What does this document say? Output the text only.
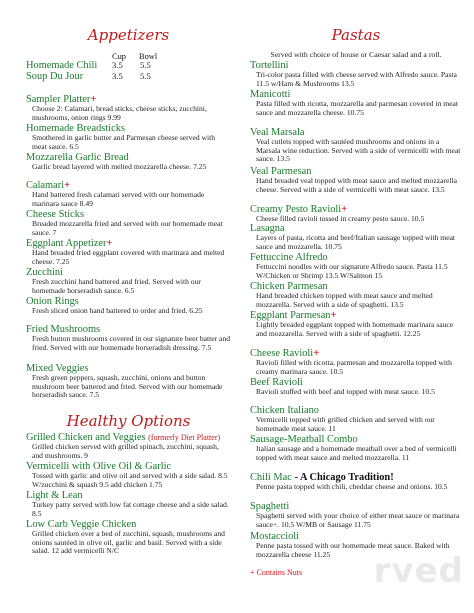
Appetizers
Cup Bowl
Homemade Chili 3.5 5.5
Soup Du Jour	3.5 5.5
Sampler Platter+
Choose 2: Calamari, bread sticks, cheese sticks, zucchini, mushrooms, onion rings 9.99
Homemade Breadsticks
Smothered in garlic butter and Parmesan cheese served with meat sauce. 6.5
Mozzarella Garlic Bread
Garlic bread layered with melted mozzarella cheese. 7.25
Calamari+
Hand battered fresh calamari served with our homemade marinara sauce 8.49
Cheese Sticks
Breaded mozzarella fried and served with our homemade meat sauce. 7
Eggplant Appetizer+
Hand breaded fried eggplant covered with marinara and melted cheese. 7.25
Zucchini
Fresh zucchini hand battered and fried. Served with our homemade horseradish sauce. 6.5
Onion Rings
Fresh sliced onion hand battered to order and fried. 6.25
Fried Mushrooms
Fresh button mushrooms covered in our signature beer batter and fried. Served with our homemade horseradish dressing. 7.5
Mixed Veggies
Fresh green peppers, squash, zucchini, onions and button mushroom beer battered and fried. Served with our homemade horseradish sauce. 7.5
Healthy Options
Grilled Chicken and Veggies (formerly Diet Platter)
Grilled chicken served with grilled spinach, zucchini, squash, and mushrooms. 9
Vermicelli with Olive Oil & Garlic
Tossed with garlic and olive oil and served with a side salad. 8.5 W/zucchini & squash 9.5 add chicken 1.75
Light & Lean
Turkey patty served with low fat cottage cheese and a side salad. 8.5
Low Carb Veggie Chicken
Grilled chicken over a bed of zucchini, squash, mushrooms and onions sautéed in olive oil, garlic and basil. Served with a side salad. 12 add vermicelli N/C
Pastas
Served with choice of house or Caesar salad and a roll.
Tortellini
Tri-color pasta filled with cheese served with Alfredo sauce. Pasta 11.5 w/Ham & Mushrooms 13.5
Manicotti
Pasta filled with ricotta, mozzarella and parmesan covered in meat sauce and mozzarella cheese. 10.75
Veal Marsala
Veal cutlets topped with sautéed mushrooms and onions in a Marsala wine reduction. Served with a side of vermicelli with meat sauce. 13.5
Veal Parmesan
Hand breaded veal topped with meat sauce and melted mozzarella cheese. Served with a side of vermicelli with meat sauce. 13.5
Creamy Pesto Ravioli+
Cheese filled ravioli tossed in creamy pesto sauce. 10.5
Lasagna
Layers of pasta, ricotta and beef/Italian sausage topped with meat sauce and mozzarella. 10.75
Fettuccine Alfredo
Fettuccini noodles with our signature Alfredo sauce. Pasta 11.5 W/Chicken or Shrimp 13.5 W/Salmon 15
Chicken Parmesan
Hand breaded chicken topped with meat sauce and melted mozzarella. Served with a side of spaghetti. 13.5
Eggplant Parmesan+
Lightly breaded eggplant topped with homemade marinara sauce and mozzarella. Served with a side of spaghetti. 12.25
Cheese Ravioli+
Ravioli filled with ricotta, parmesan and mozzarella topped with creamy marinara sauce. 10.5
Beef Ravioli
Ravioli stuffed with beef and topped with meat sauce. 10.5
Chicken Italiano
Vermicelli topped with grilled chicken and served with our homemade meat sauce. 11
Sausage-Meatball Combo
Italian sausage and a homemade meatball over a bed of vermicelli topped with meat sauce and melted mozzarella. 11
Chili Mac - A Chicago Tradition!
Penne pasta topped with chili, cheddar cheese and onions. 10.5
Spaghetti
Spaghetti served with your choice of either meat sauce or marinara sauce+. 10.5 W/MB or Sausage 11.75
Mostaccioli
Penne pasta tossed with our homemade meat sauce. Baked with mozzarella cheese 11.25
+ Contains Nuts rved
